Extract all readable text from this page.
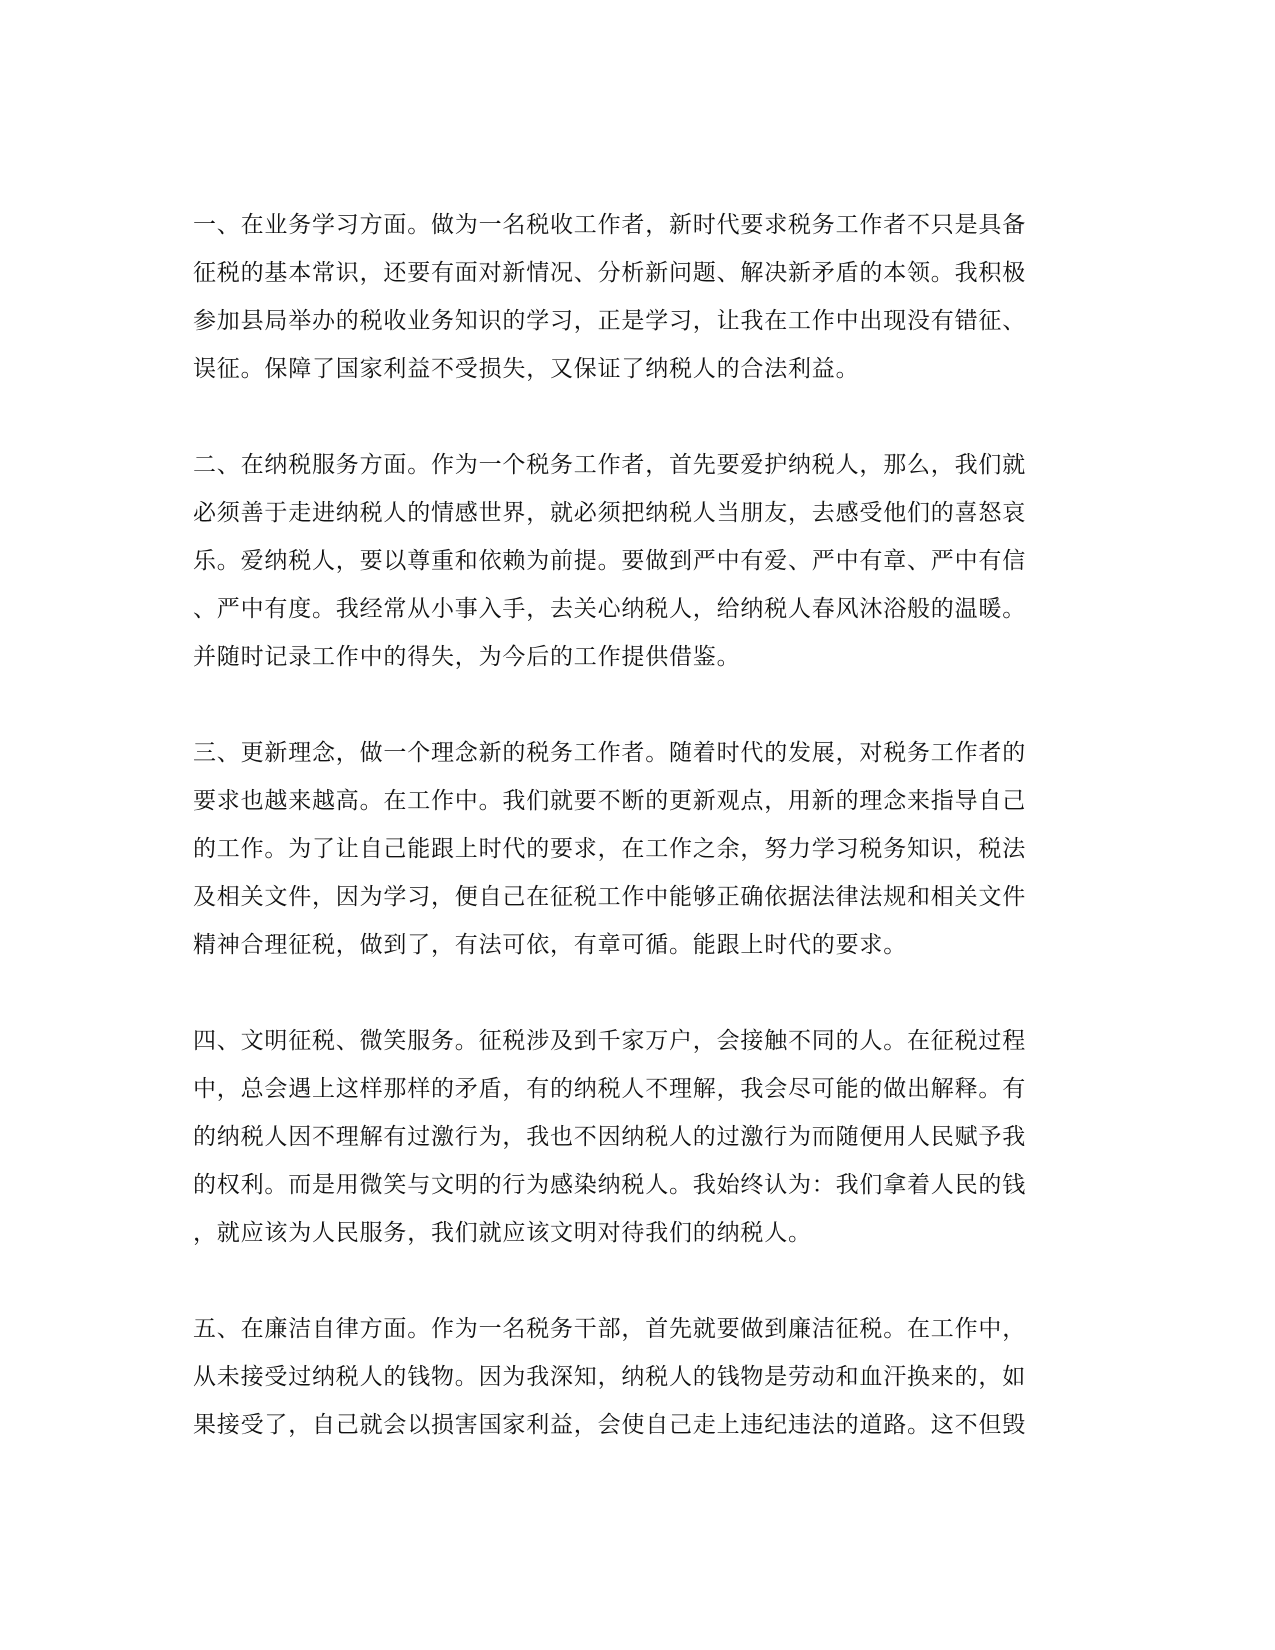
一、在业务学习方面。做为一名税收工作者，新时代要求税务工作者不只是具备
征税的基本常识，还要有面对新情况、分析新问题、解决新矛盾的本领。我积极
参加县局举办的税收业务知识的学习，正是学习，让我在工作中出现没有错征、
误征。保障了国家利益不受损失，又保证了纳税人的合法利益。
二、在纳税服务方面。作为一个税务工作者，首先要爱护纳税人，那么，我们就
必须善于走进纳税人的情感世界，就必须把纳税人当朋友，去感受他们的喜怒哀
乐。爱纳税人，要以尊重和依赖为前提。要做到严中有爱、严中有章、严中有信
、严中有度。我经常从小事入手，去关心纳税人，给纳税人春风沐浴般的温暖。
并随时记录工作中的得失，为今后的工作提供借鉴。
三、更新理念，做一个理念新的税务工作者。随着时代的发展，对税务工作者的
要求也越来越高。在工作中。我们就要不断的更新观点，用新的理念来指导自己
的工作。为了让自己能跟上时代的要求，在工作之余，努力学习税务知识，税法
及相关文件，因为学习，便自己在征税工作中能够正确依据法律法规和相关文件
精神合理征税，做到了，有法可依，有章可循。能跟上时代的要求。
四、文明征税、微笑服务。征税涉及到千家万户，会接触不同的人。在征税过程
中，总会遇上这样那样的矛盾，有的纳税人不理解，我会尽可能的做出解释。有
的纳税人因不理解有过激行为，我也不因纳税人的过激行为而随便用人民赋予我
的权利。而是用微笑与文明的行为感染纳税人。我始终认为：我们拿着人民的钱
，就应该为人民服务，我们就应该文明对待我们的纳税人。
五、在廉洁自律方面。作为一名税务干部，首先就要做到廉洁征税。在工作中，
从未接受过纳税人的钱物。因为我深知，纳税人的钱物是劳动和血汗换来的，如
果接受了，自己就会以损害国家利益，会使自己走上违纪违法的道路。这不但毁
